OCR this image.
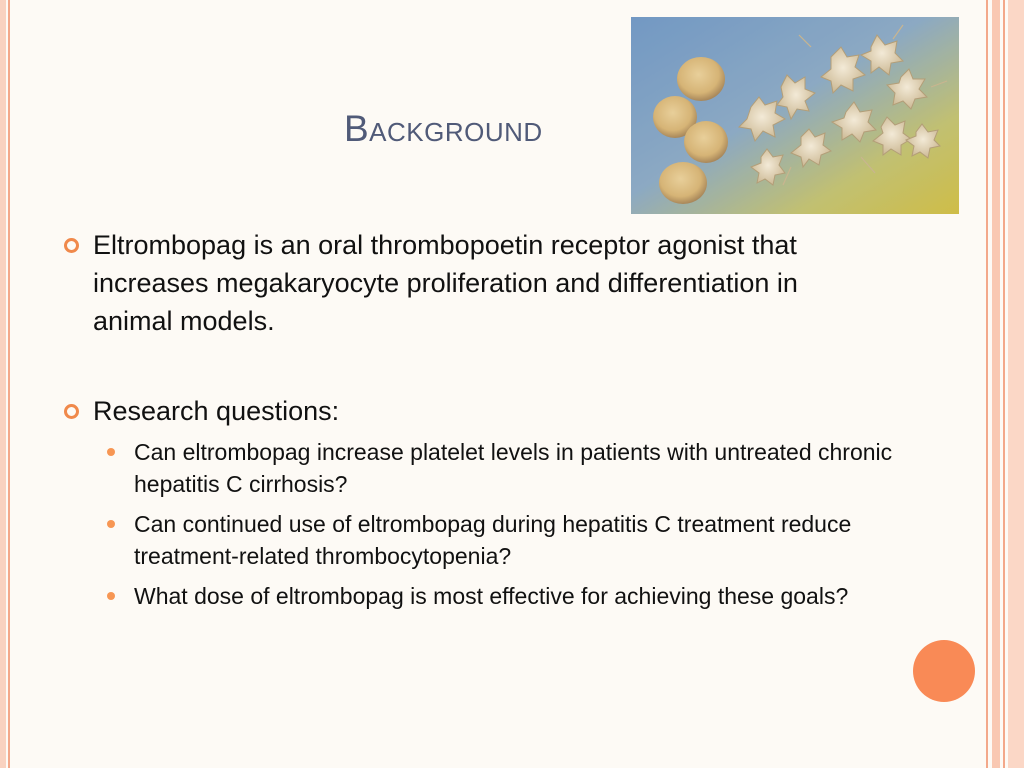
Background

Eltrombopag is an oral thrombopoetin receptor agonist that increases megakaryocyte proliferation and differentiation in animal models.

Research questions:

Can eltrombopag increase platelet levels in patients with untreated chronic hepatitis C cirrhosis?

Can continued use of eltrombopag during hepatitis C treatment reduce treatment-related thrombocytopenia?

What dose of eltrombopag is most effective for achieving these goals?
